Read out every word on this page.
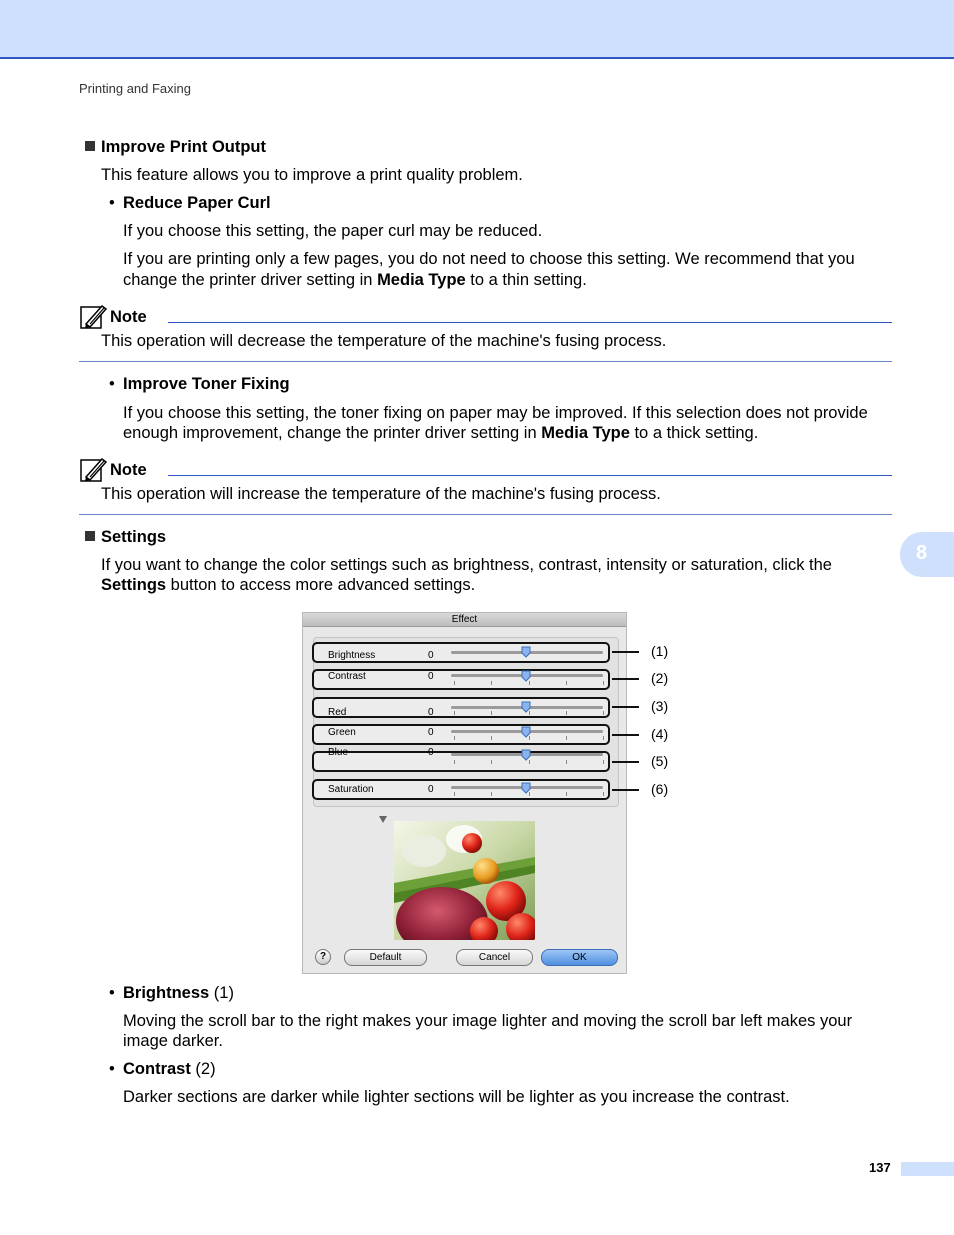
Printing and Faxing
Improve Print Output
This feature allows you to improve a print quality problem.
• Reduce Paper Curl
If you choose this setting, the paper curl may be reduced.
If you are printing only a few pages, you do not need to choose this setting. We recommend that you
change the printer driver setting in Media Type to a thin setting.
Note
This operation will decrease the temperature of the machine's fusing process.
• Improve Toner Fixing
If you choose this setting, the toner fixing on paper may be improved. If this selection does not provide
enough improvement, change the printer driver setting in Media Type to a thick setting.
Note
This operation will increase the temperature of the machine's fusing process.
Settings
If you want to change the color settings such as brightness, contrast, intensity or saturation, click the
Settings button to access more advanced settings.
8
Effect
Brightness	0
Contrast	0
Red	0
Green	0
Blue	0
Saturation	0
?	Default	Cancel	OK
(1)
(2)
(3)
(4)
(5)
(6)
• Brightness (1)
Moving the scroll bar to the right makes your image lighter and moving the scroll bar left makes your
image darker.
• Contrast (2)
Darker sections are darker while lighter sections will be lighter as you increase the contrast.
137
